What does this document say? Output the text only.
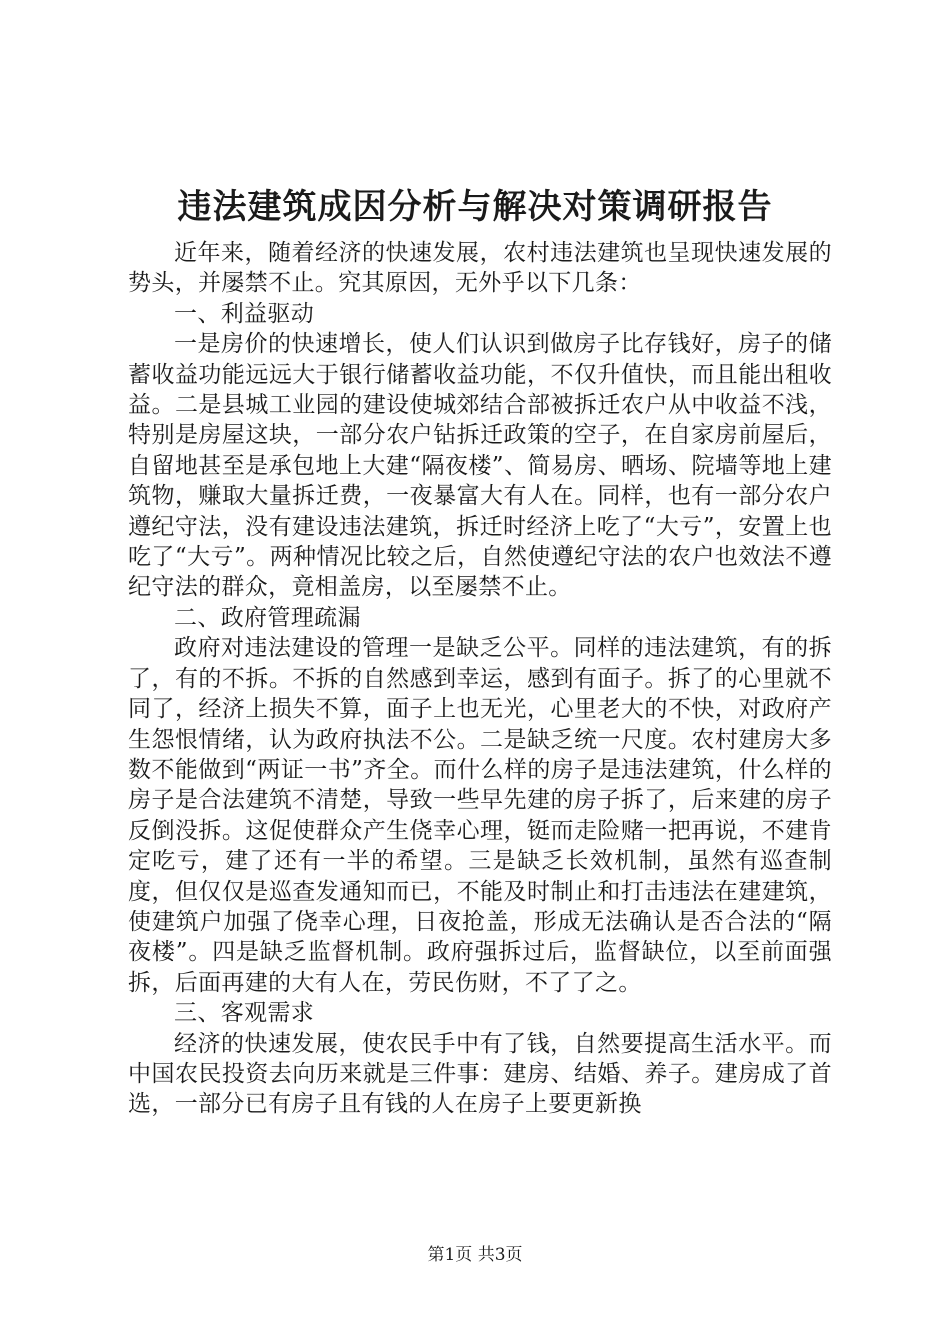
违法建筑成因分析与解决对策调研报告

近年来，随着经济的快速发展，农村违法建筑也呈现快速发展的势头，并屡禁不止。究其原因，无外乎以下几条：

一、利益驱动

一是房价的快速增长，使人们认识到做房子比存钱好，房子的储蓄收益功能远远大于银行储蓄收益功能，不仅升值快，而且能出租收益。二是县城工业园的建设使城郊结合部被拆迁农户从中收益不浅，特别是房屋这块，一部分农户钻拆迁政策的空子，在自家房前屋后，自留地甚至是承包地上大建“隔夜楼”、简易房、晒场、院墙等地上建筑物，赚取大量拆迁费，一夜暴富大有人在。同样，也有一部分农户遵纪守法，没有建设违法建筑，拆迁时经济上吃了“大亏”，安置上也吃了“大亏”。两种情况比较之后，自然使遵纪守法的农户也效法不遵纪守法的群众，竟相盖房，以至屡禁不止。

二、政府管理疏漏

政府对违法建设的管理一是缺乏公平。同样的违法建筑，有的拆了，有的不拆。不拆的自然感到幸运，感到有面子。拆了的心里就不同了，经济上损失不算，面子上也无光，心里老大的不快，对政府产生怨恨情绪，认为政府执法不公。二是缺乏统一尺度。农村建房大多数不能做到“两证一书”齐全。而什么样的房子是违法建筑，什么样的房子是合法建筑不清楚，导致一些早先建的房子拆了，后来建的房子反倒没拆。这促使群众产生侥幸心理，铤而走险赌一把再说，不建肯定吃亏，建了还有一半的希望。三是缺乏长效机制，虽然有巡查制度，但仅仅是巡查发通知而已，不能及时制止和打击违法在建建筑，使建筑户加强了侥幸心理，日夜抢盖，形成无法确认是否合法的“隔夜楼”。四是缺乏监督机制。政府强拆过后，监督缺位，以至前面强拆，后面再建的大有人在，劳民伤财，不了了之。

三、客观需求

经济的快速发展，使农民手中有了钱，自然要提高生活水平。而中国农民投资去向历来就是三件事：建房、结婚、养子。建房成了首选，一部分已有房子且有钱的人在房子上要更新换

第1页 共3页
